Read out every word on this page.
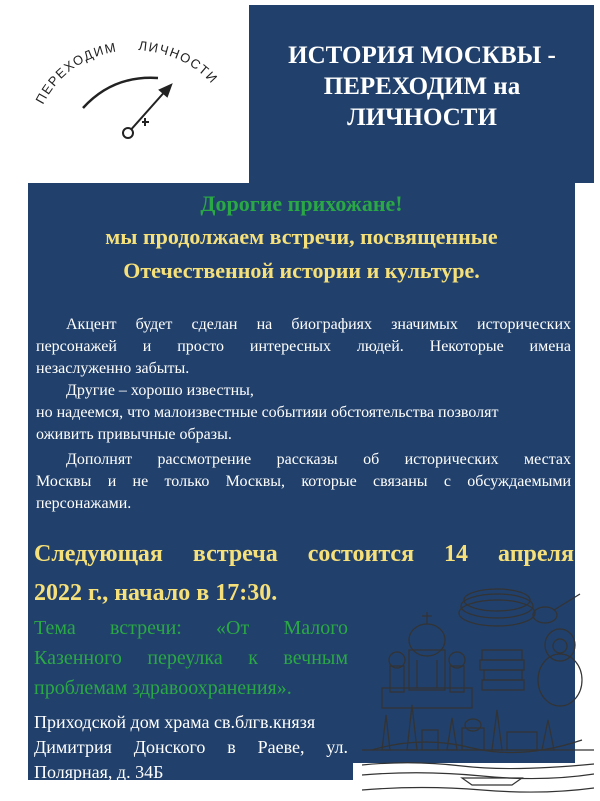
ПЕРЕХОДИМ ЛИЧНОСТИ
ИСТОРИЯ МОСКВЫ -
ПЕРЕХОДИМ на
ЛИЧНОСТИ
Дорогие прихожане!
мы продолжаем встречи, посвященные
Отечественной истории и культуре.
Акцент будет сделан на биографиях значимых исторических
персонажей и просто интересных людей. Некоторые имена
незаслуженно забыты.
Другие – хорошо известны,
но надеемся, что малоизвестные событияи обстоятельства позволят
оживить привычные образы.
Дополнят рассмотрение рассказы об исторических местах
Москвы и не только Москвы, которые связаны с обсуждаемыми
персонажами.
Следующая встреча состоится 14 апреля
2022 г., начало в 17:30.
Тема встречи: «От Малого
Казенного переулка к вечным
проблемам здравоохранения».
Приходской дом храма св.блгв.князя
Димитрия Донского в Раеве, ул.
Полярная, д. 34Б
